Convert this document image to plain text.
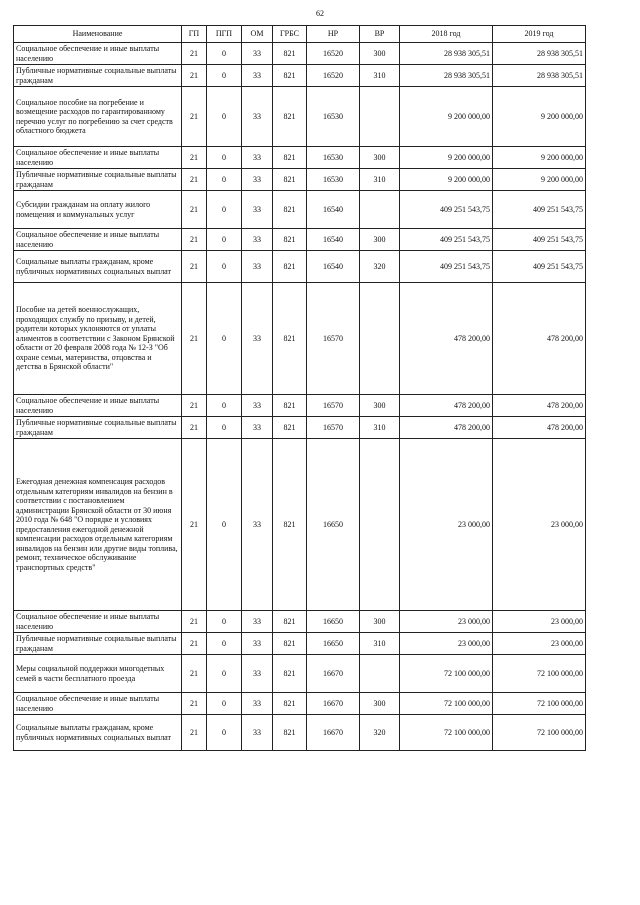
62
Наименование	ГП	ПГП	ОМ	ГРБС	НР	ВР	2018 год	2019 год
Социальное обеспечение и иные выплаты населению	21	0	33	821	16520	300	28 938 305,51	28 938 305,51
Публичные нормативные социальные выплаты гражданам	21	0	33	821	16520	310	28 938 305,51	28 938 305,51
Социальное пособие на погребение и возмещение расходов по гарантированному перечню услуг по погребению за счет средств областного бюджета	21	0	33	821	16530		9 200 000,00	9 200 000,00
Социальное обеспечение и иные выплаты населению	21	0	33	821	16530	300	9 200 000,00	9 200 000,00
Публичные нормативные социальные выплаты гражданам	21	0	33	821	16530	310	9 200 000,00	9 200 000,00
Субсидии гражданам на оплату жилого помещения и коммунальных услуг	21	0	33	821	16540		409 251 543,75	409 251 543,75
Социальное обеспечение и иные выплаты населению	21	0	33	821	16540	300	409 251 543,75	409 251 543,75
Социальные выплаты гражданам, кроме публичных нормативных социальных выплат	21	0	33	821	16540	320	409 251 543,75	409 251 543,75
Пособие на детей военнослужащих, проходящих службу по призыву, и детей, родители которых уклоняются от уплаты алиментов в соответствии с Законом Брянской области от 20 февраля 2008 года № 12-З "Об охране семьи, материнства, отцовства и детства в Брянской области"	21	0	33	821	16570		478 200,00	478 200,00
Социальное обеспечение и иные выплаты населению	21	0	33	821	16570	300	478 200,00	478 200,00
Публичные нормативные социальные выплаты гражданам	21	0	33	821	16570	310	478 200,00	478 200,00
Ежегодная денежная компенсация расходов отдельным категориям инвалидов на бензин в соответствии с постановлением администрации Брянской области от 30 июня 2010 года № 648 "О порядке и условиях предоставления ежегодной денежной компенсации расходов отдельным категориям инвалидов на бензин или другие виды топлива, ремонт, техническое обслуживание транспортных средств"	21	0	33	821	16650		23 000,00	23 000,00
Социальное обеспечение и иные выплаты населению	21	0	33	821	16650	300	23 000,00	23 000,00
Публичные нормативные социальные выплаты гражданам	21	0	33	821	16650	310	23 000,00	23 000,00
Меры социальной поддержки многодетных семей в части бесплатного проезда	21	0	33	821	16670		72 100 000,00	72 100 000,00
Социальное обеспечение и иные выплаты населению	21	0	33	821	16670	300	72 100 000,00	72 100 000,00
Социальные выплаты гражданам, кроме публичных нормативных социальных выплат	21	0	33	821	16670	320	72 100 000,00	72 100 000,00
